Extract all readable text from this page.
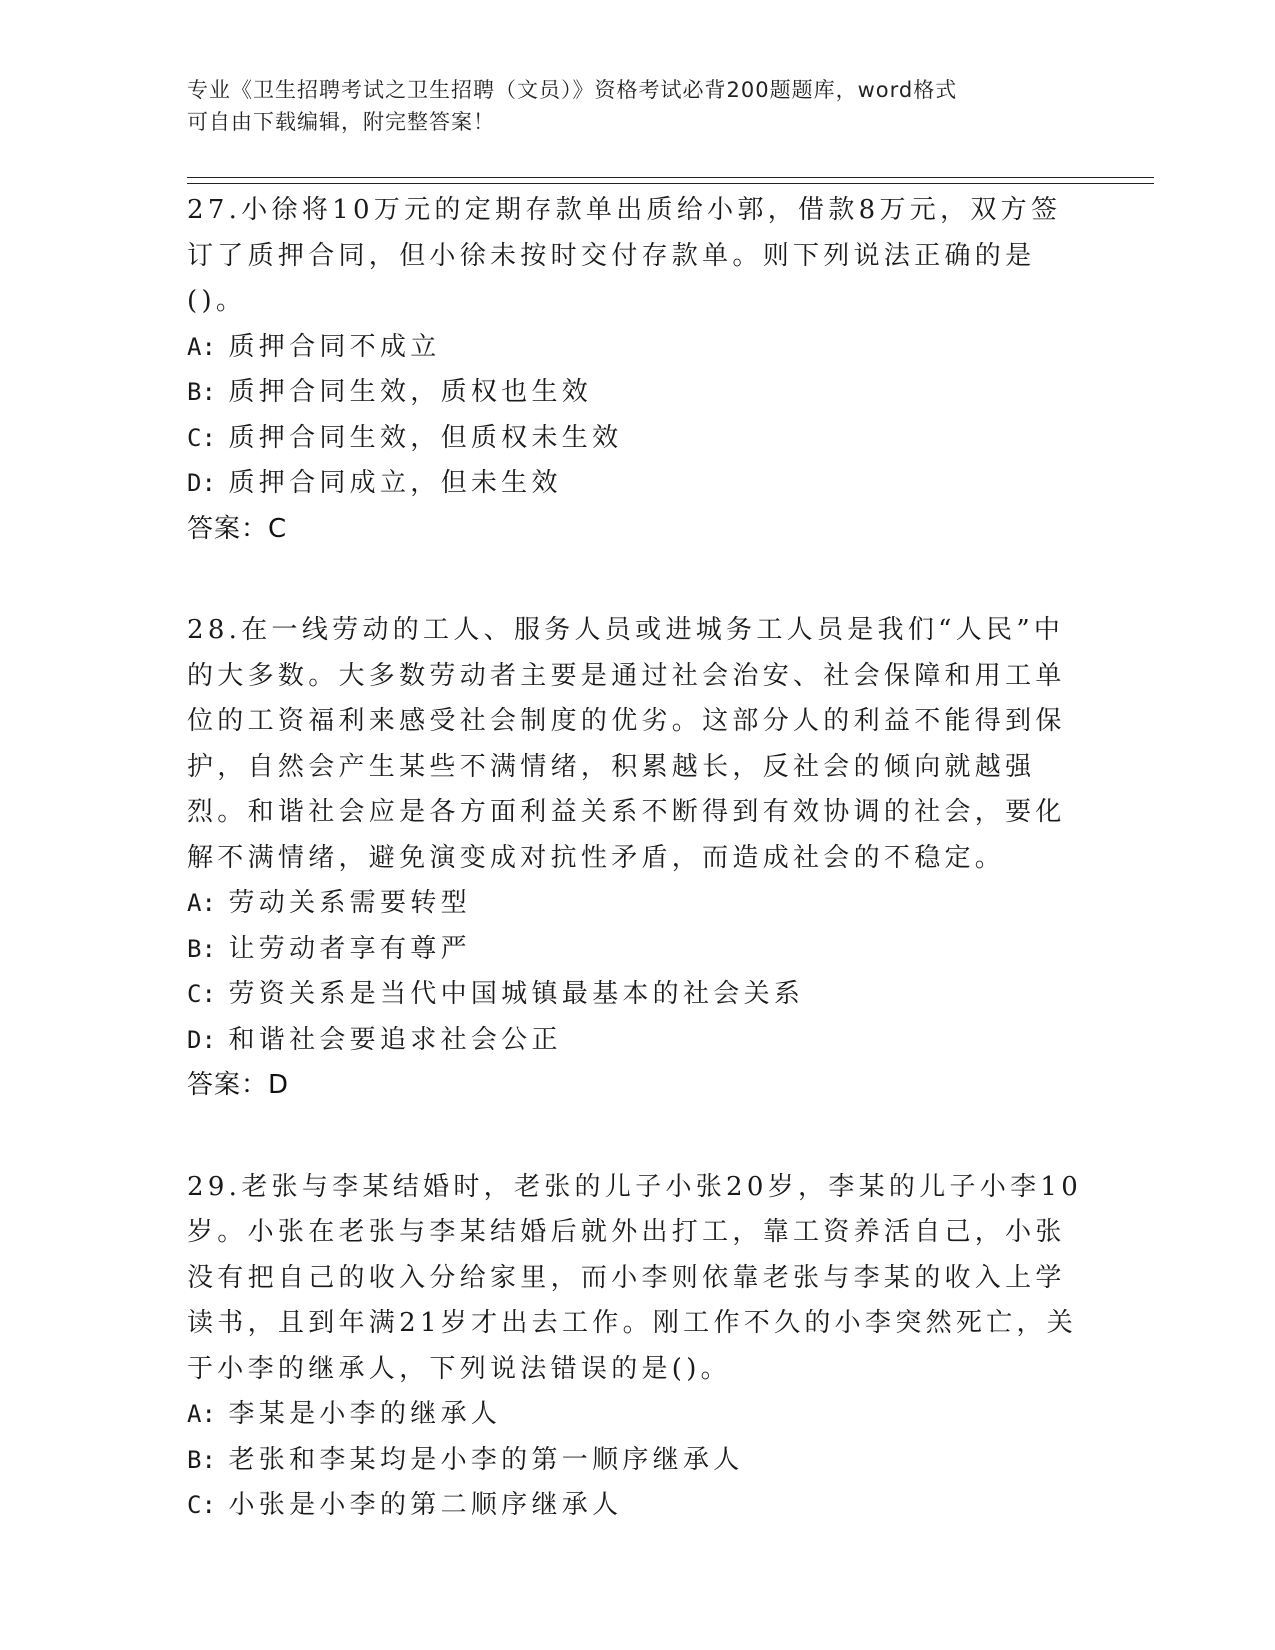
专业《卫生招聘考试之卫生招聘（文员）》资格考试必背200题题库，word格式
可自由下载编辑，附完整答案！

27.小徐将10万元的定期存款单出质给小郭，借款8万元，双方签订了质押合同，但小徐未按时交付存款单。则下列说法正确的是()。

A: 质押合同不成立
B: 质押合同生效，质权也生效
C: 质押合同生效，但质权未生效
D: 质押合同成立，但未生效
答案：C

28.在一线劳动的工人、服务人员或进城务工人员是我们“人民”中的大多数。大多数劳动者主要是通过社会治安、社会保障和用工单位的工资福利来感受社会制度的优劣。这部分人的利益不能得到保护，自然会产生某些不满情绪，积累越长，反社会的倾向就越强烈。和谐社会应是各方面利益关系不断得到有效协调的社会，要化解不满情绪，避免演变成对抗性矛盾，而造成社会的不稳定。

A: 劳动关系需要转型
B: 让劳动者享有尊严
C: 劳资关系是当代中国城镇最基本的社会关系
D: 和谐社会要追求社会公正
答案：D

29.老张与李某结婚时，老张的儿子小张20岁，李某的儿子小李10岁。小张在老张与李某结婚后就外出打工，靠工资养活自己，小张没有把自己的收入分给家里，而小李则依靠老张与李某的收入上学读书，且到年满21岁才出去工作。刚工作不久的小李突然死亡，关于小李的继承人，下列说法错误的是()。

A: 李某是小李的继承人
B: 老张和李某均是小李的第一顺序继承人
C: 小张是小李的第二顺序继承人
